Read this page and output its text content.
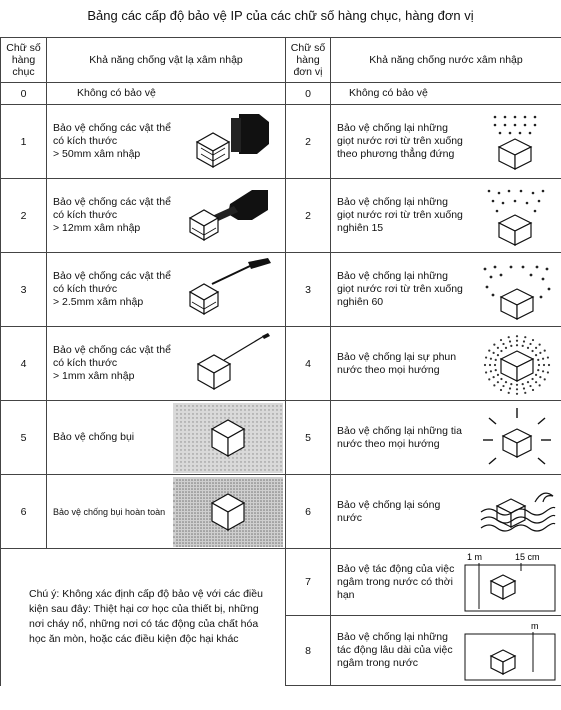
Bảng các cấp độ bảo vệ IP của các chữ số hàng chục, hàng đơn vị
Chữ số hàng chục	Khả năng chống vật lạ xâm nhập	Chữ số hàng đơn vị	Khả năng chống nước xâm nhập
0	Không có bảo vệ	0	Không có bảo vệ

1	Bảo vệ chống các vật thể
có kích thước
> 50mm xâm nhập	2	Bảo vệ chống lại những giọt nước rơi từ trên xuống theo phương thẳng đứng

2	Bảo vệ chống các vật thể
có kích thước
> 12mm xâm nhập	2	Bảo vệ chống lại những giọt nước rơi từ trên xuống nghiên 15

3	Bảo vệ chống các vật thể
có kích thước
> 2.5mm xâm nhập	3	Bảo vệ chống lại những giọt nước rơi từ trên xuống nghiên 60

4	Bảo vệ chống các vật thể
có kích thước
> 1mm xâm nhập	4	Bảo vệ chống lại sự phun nước theo mọi hướng

5	Bảo vệ chống bụi	5	Bảo vệ chống lại những tia nước theo mọi hướng

6	Bảo vệ chống bụi hoàn toàn	6	Bảo vệ chống lại sóng nước

Chú ý: Không xác định cấp độ bảo vệ với các điều kiện sau đây: Thiệt hại cơ học của thiết bị, những nơi cháy nổ, những nơi có tác động của chất hóa học ăn mòn, hoặc các điều kiện độc hại khác		7	Bảo vệ tác động của việc ngâm trong nước có thời hạn
1 m 15 cm

		8	Bảo vệ chống lại những tác động lâu dài của việc ngâm trong nước
m
